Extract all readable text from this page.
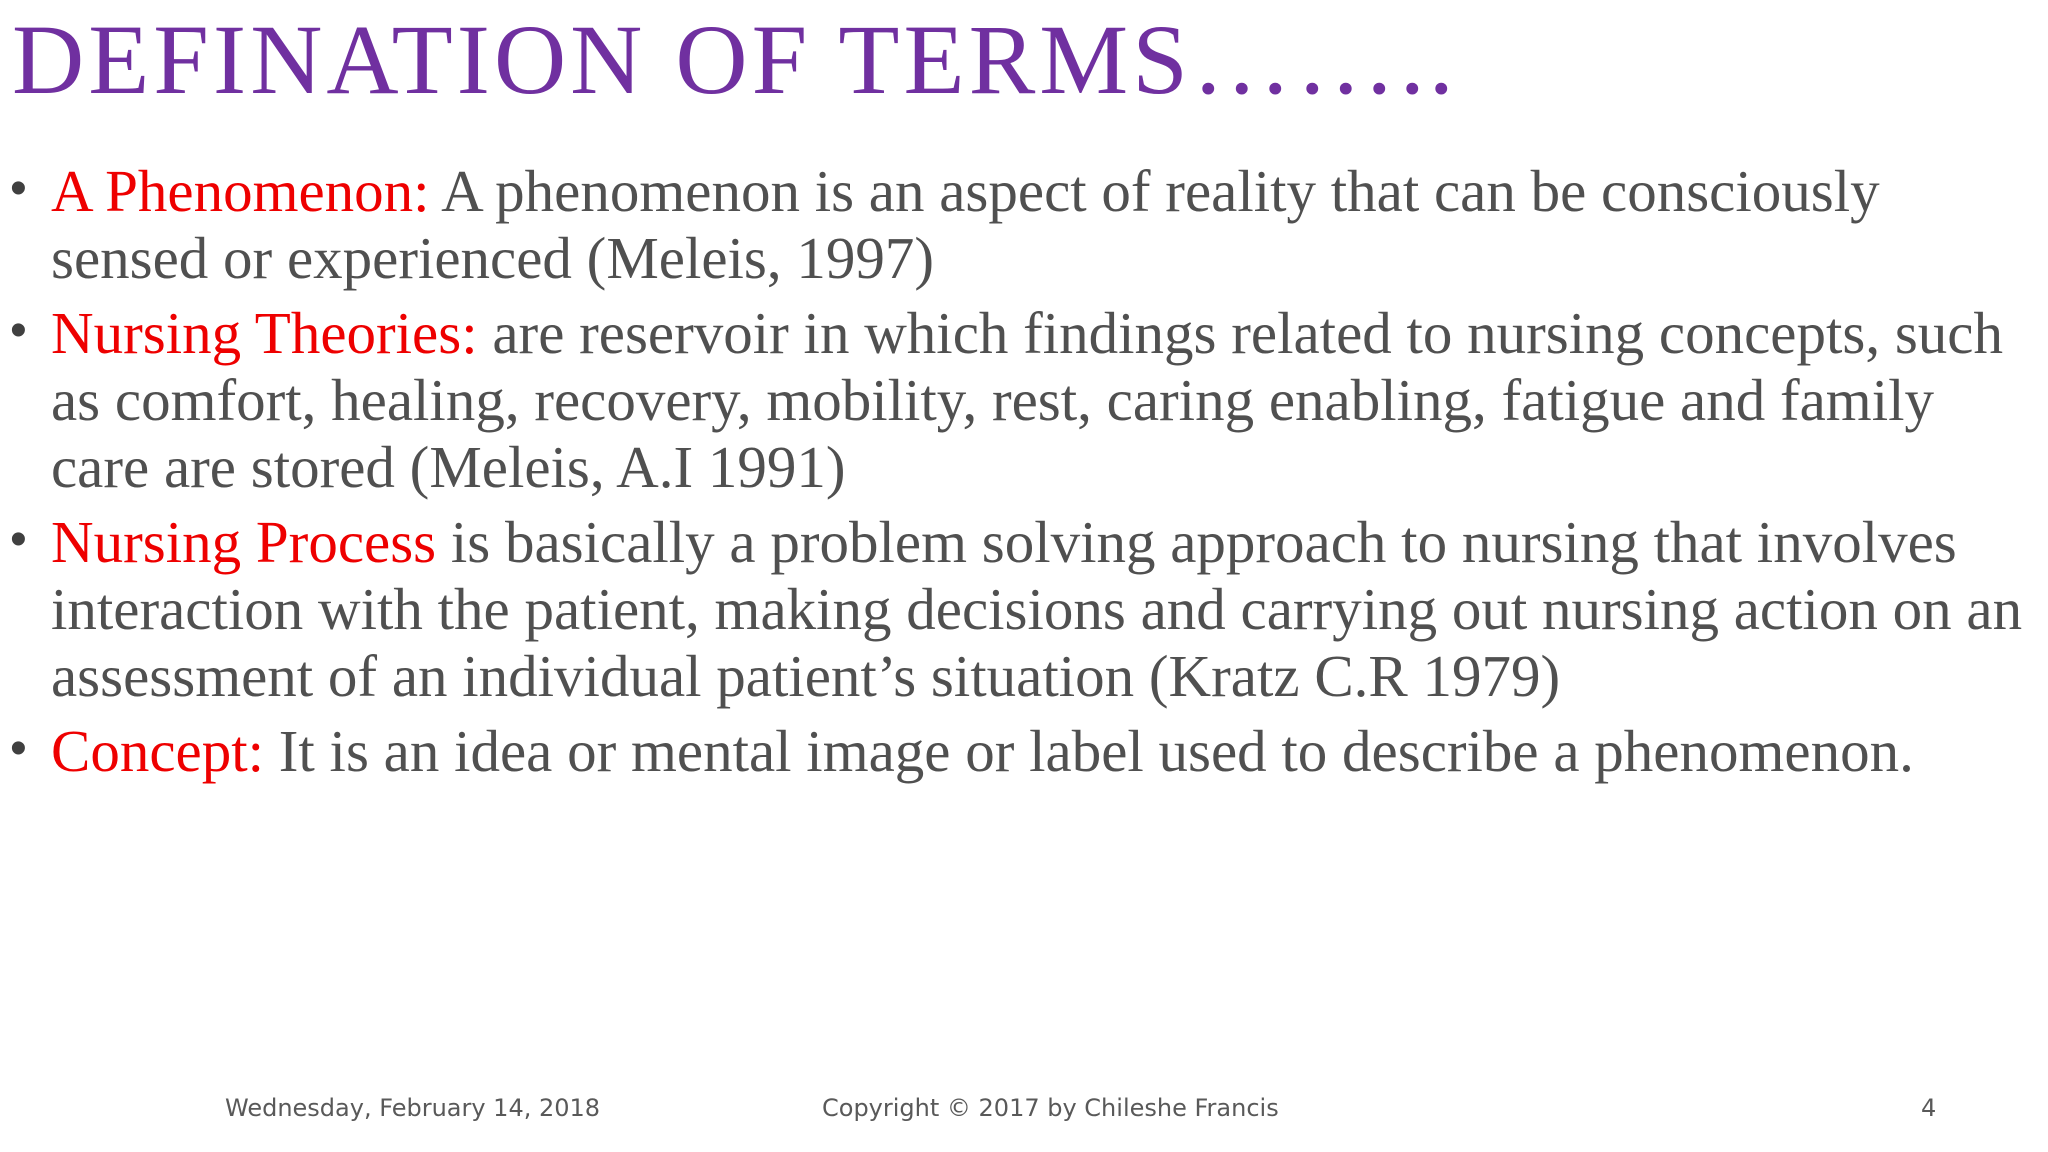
DEFINATION OF TERMS……..
• A Phenomenon: A phenomenon is an aspect of reality that can be consciously sensed or experienced (Meleis, 1997)
• Nursing Theories: are reservoir in which findings related to nursing concepts, such as comfort, healing, recovery, mobility, rest, caring enabling, fatigue and family care are stored (Meleis, A.I 1991)
• Nursing Process is basically a problem solving approach to nursing that involves interaction with the patient, making decisions and carrying out nursing action on an assessment of an individual patient’s situation (Kratz C.R 1979)
• Concept: It is an idea or mental image or label used to describe a phenomenon.
Wednesday, February 14, 2018	Copyright © 2017 by Chileshe Francis	4
